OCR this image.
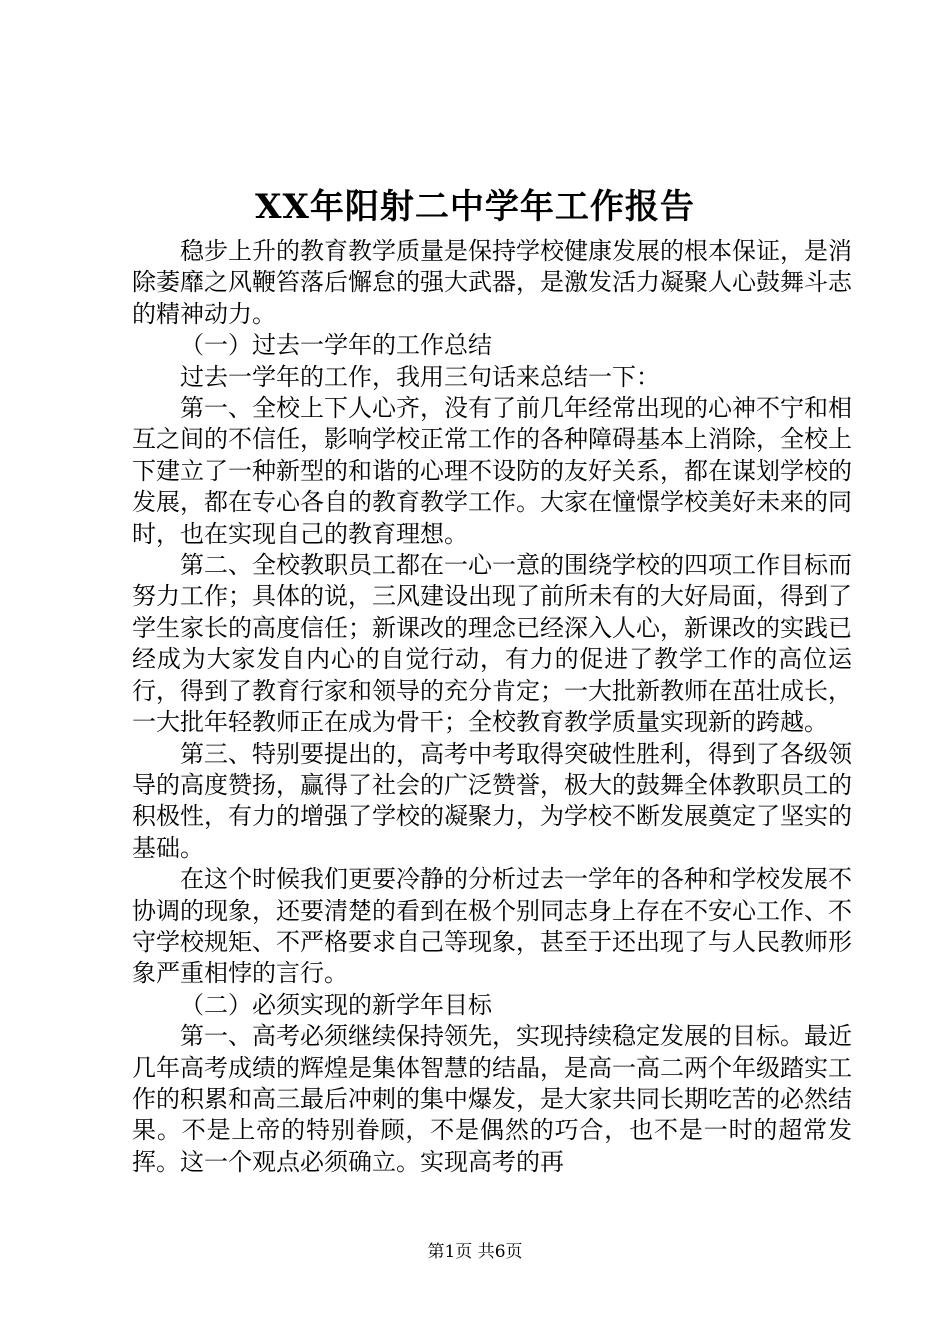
XX年阳射二中学年工作报告

稳步上升的教育教学质量是保持学校健康发展的根本保证，是消除萎靡之风鞭笞落后懈怠的强大武器，是激发活力凝聚人心鼓舞斗志的精神动力。

（一）过去一学年的工作总结

过去一学年的工作，我用三句话来总结一下：

第一、全校上下人心齐，没有了前几年经常出现的心神不宁和相互之间的不信任，影响学校正常工作的各种障碍基本上消除，全校上下建立了一种新型的和谐的心理不设防的友好关系，都在谋划学校的发展，都在专心各自的教育教学工作。大家在憧憬学校美好未来的同时，也在实现自己的教育理想。

第二、全校教职员工都在一心一意的围绕学校的四项工作目标而努力工作；具体的说，三风建设出现了前所未有的大好局面，得到了学生家长的高度信任；新课改的理念已经深入人心，新课改的实践已经成为大家发自内心的自觉行动，有力的促进了教学工作的高位运行，得到了教育行家和领导的充分肯定；一大批新教师在茁壮成长，一大批年轻教师正在成为骨干；全校教育教学质量实现新的跨越。

第三、特别要提出的，高考中考取得突破性胜利，得到了各级领导的高度赞扬，赢得了社会的广泛赞誉，极大的鼓舞全体教职员工的积极性，有力的增强了学校的凝聚力，为学校不断发展奠定了坚实的基础。

在这个时候我们更要冷静的分析过去一学年的各种和学校发展不协调的现象，还要清楚的看到在极个别同志身上存在不安心工作、不守学校规矩、不严格要求自己等现象，甚至于还出现了与人民教师形象严重相悖的言行。

（二）必须实现的新学年目标

第一、高考必须继续保持领先，实现持续稳定发展的目标。最近几年高考成绩的辉煌是集体智慧的结晶，是高一高二两个年级踏实工作的积累和高三最后冲刺的集中爆发，是大家共同长期吃苦的必然结果。不是上帝的特别眷顾，不是偶然的巧合，也不是一时的超常发挥。这一个观点必须确立。实现高考的再

第1页 共6页
